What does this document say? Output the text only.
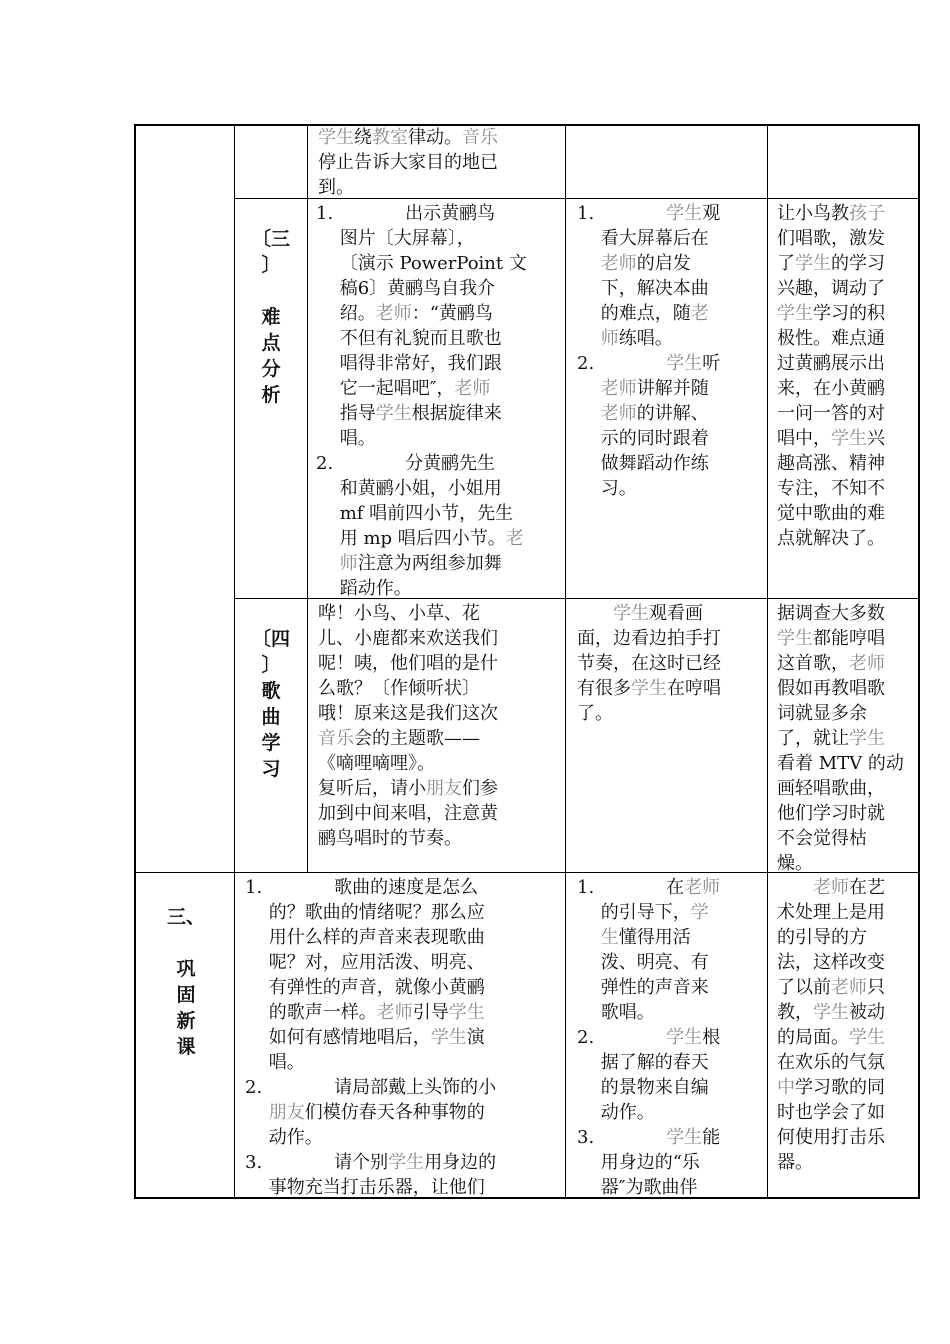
学生绕教室律动。音乐
停止告诉大家目的地已
到。
〔三
〕

难
点
分
析
1.　　　　出示黄鹂鸟
　 图片〔大屏幕〕，
　 〔演示 PowerPoint 文
　 稿6〕黄鹂鸟自我介
　 绍。老师：“黄鹂鸟
　 不但有礼貌而且歌也
　 唱得非常好，我们跟
　 它一起唱吧″，老师
　 指导学生根据旋律来
　 唱。
2.　　　　分黄鹂先生
　 和黄鹂小姐，小姐用
　 mf 唱前四小节，先生
　 用 mp 唱后四小节。老
　 师注意为两组参加舞
　 蹈动作。
1.　　　　学生观
　 看大屏幕后在
　 老师的启发
　 下，解决本曲
　 的难点，随老
　 师练唱。
2.　　　　学生听
　 老师讲解并随
　 老师的讲解、
　 示的同时跟着
　 做舞蹈动作练
　 习。
让小鸟教孩子
们唱歌，激发
了学生的学习
兴趣，调动了
学生学习的积
极性。难点通
过黄鹂展示出
来，在小黄鹂
一问一答的对
唱中，学生兴
趣高涨、精神
专注，不知不
觉中歌曲的难
点就解决了。
〔四
〕
歌
曲
学
习
哗！小鸟、小草、花
儿、小鹿都来欢送我们
呢！咦，他们唱的是什
么歌？〔作倾听状〕
哦！原来这是我们这次
音乐会的主题歌——
《嘀哩嘀哩》。
复听后，请小朋友们参
加到中间来唱，注意黄
鹂鸟唱时的节奏。
　　学生观看画
面，边看边拍手打
节奏，在这时已经
有很多学生在哼唱
了。
据调查大多数
学生都能哼唱
这首歌，老师
假如再教唱歌
词就显多余
了，就让学生
看着 MTV 的动
画轻唱歌曲，
他们学习时就
不会觉得枯
燥。
三、

巩
固
新
课
1.　　　　歌曲的速度是怎么
　 的？歌曲的情绪呢？那么应
　 用什么样的声音来表现歌曲
　 呢？对，应用活泼、明亮、
　 有弹性的声音，就像小黄鹂
　 的歌声一样。老师引导学生
　 如何有感情地唱后，学生演
　 唱。
2.　　　　请局部戴上头饰的小
　 朋友们模仿春天各种事物的
　 动作。
3.　　　　请个别学生用身边的
　 事物充当打击乐器，让他们
1.　　　　在老师
　 的引导下，学
　 生懂得用活
　 泼、明亮、有
　 弹性的声音来
　 歌唱。
2.　　　　学生根
　 据了解的春天
　 的景物来自编
　 动作。
3.　　　　学生能
　 用身边的“乐
　 器″为歌曲伴
　　老师在艺
术处理上是用
的引导的方
法，这样改变
了以前老师只
教，学生被动
的局面。学生
在欢乐的气氛
中学习歌的同
时也学会了如
何使用打击乐
器。
